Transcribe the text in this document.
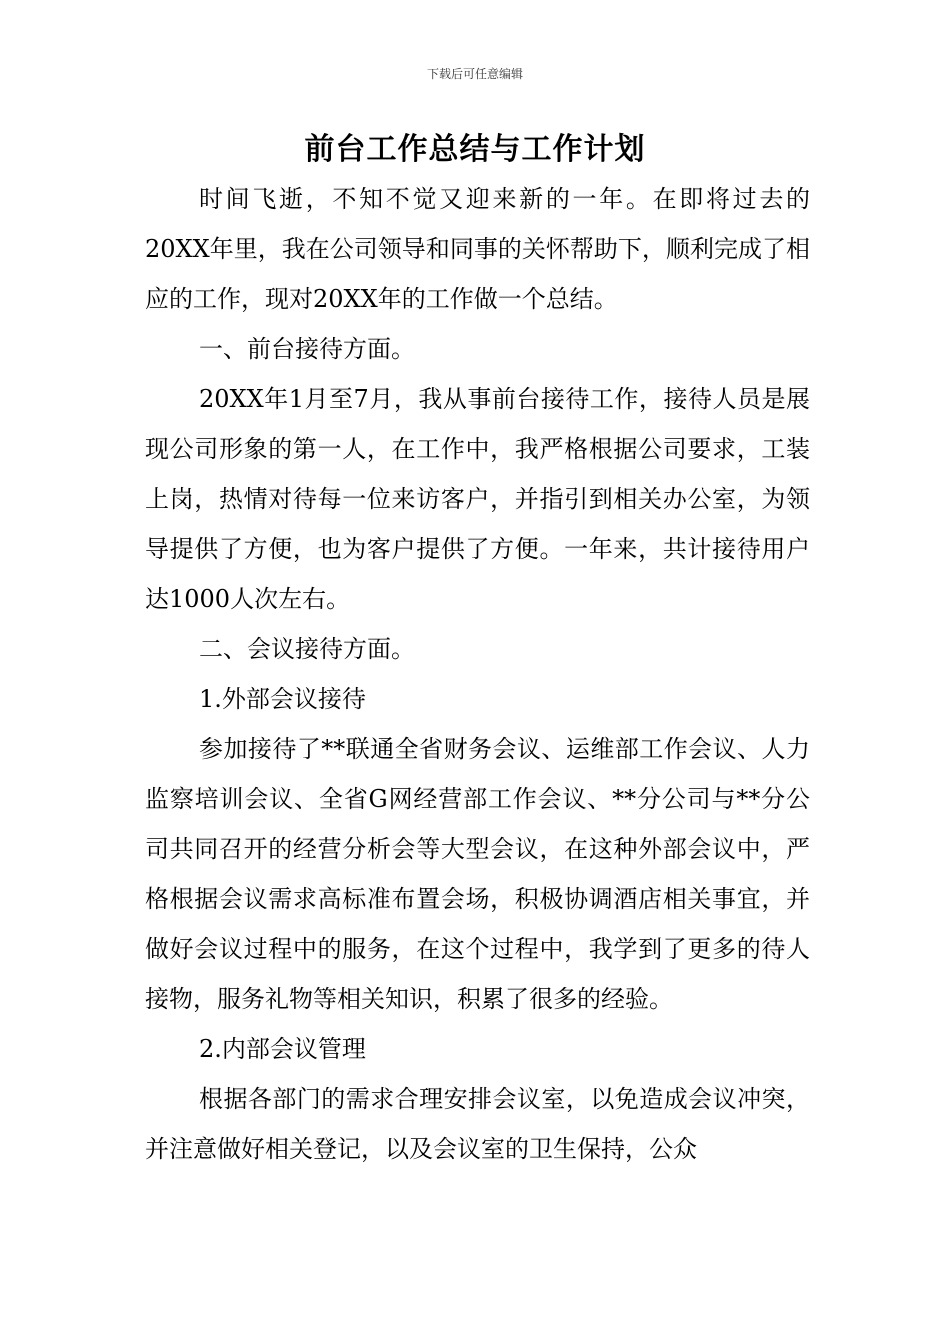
下载后可任意编辑
前台工作总结与工作计划

时间飞逝，不知不觉又迎来新的一年。在即将过去的20XX年里，我在公司领导和同事的关怀帮助下，顺利完成了相应的工作，现对20XX年的工作做一个总结。

一、前台接待方面。

20XX年1月至7月，我从事前台接待工作，接待人员是展现公司形象的第一人，在工作中，我严格根据公司要求，工装上岗，热情对待每一位来访客户，并指引到相关办公室，为领导提供了方便，也为客户提供了方便。一年来，共计接待用户达1000人次左右。

二、会议接待方面。

1.外部会议接待

参加接待了**联通全省财务会议、运维部工作会议、人力监察培训会议、全省G网经营部工作会议、**分公司与**分公司共同召开的经营分析会等大型会议，在这种外部会议中，严格根据会议需求高标准布置会场，积极协调酒店相关事宜，并做好会议过程中的服务，在这个过程中，我学到了更多的待人接物，服务礼物等相关知识，积累了很多的经验。

2.内部会议管理

根据各部门的需求合理安排会议室，以免造成会议冲突，并注意做好相关登记，以及会议室的卫生保持，公众
